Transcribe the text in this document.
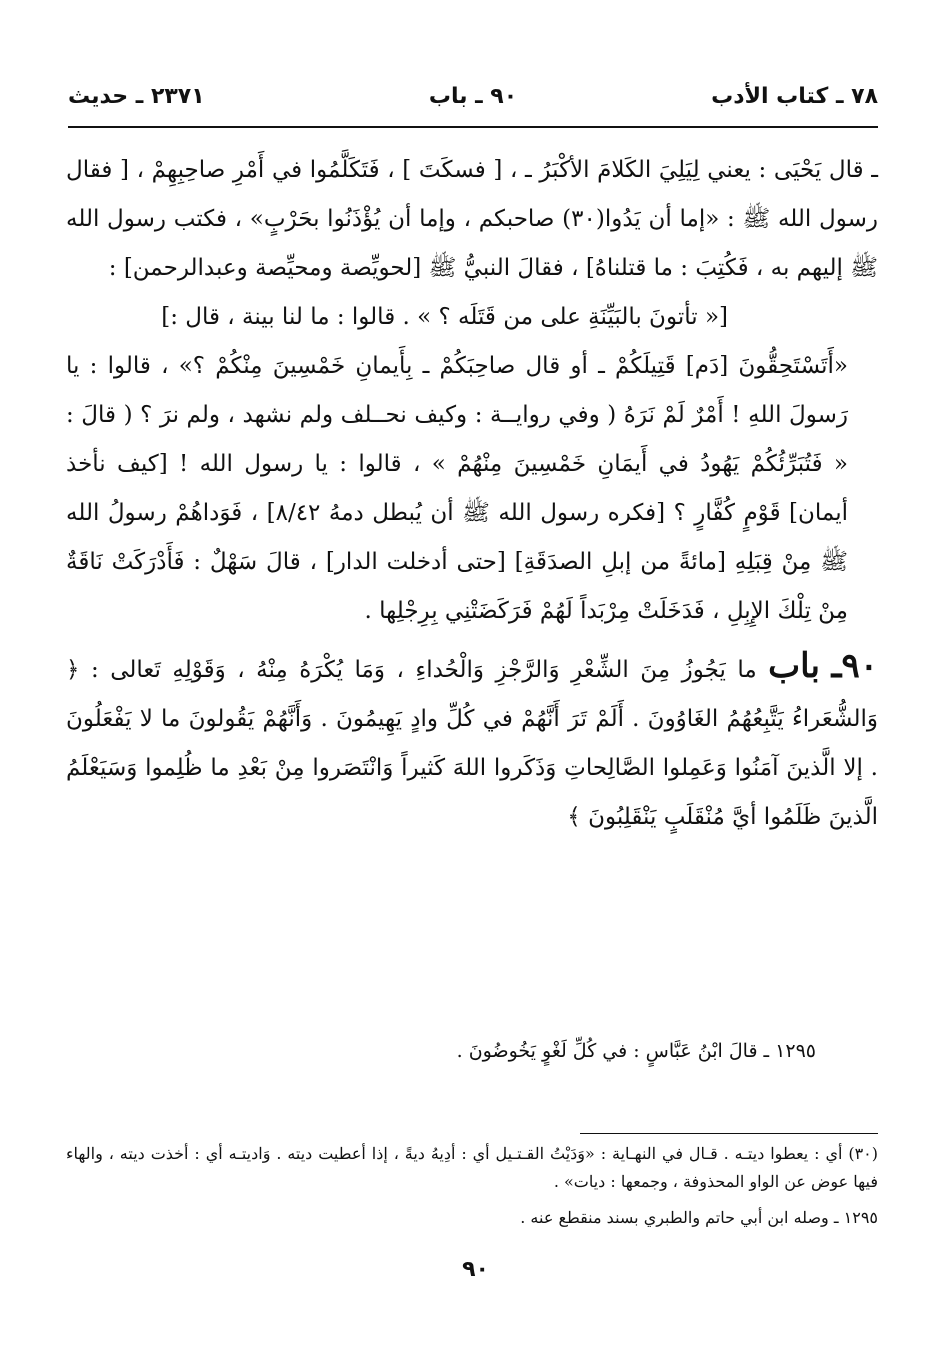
٧٨ ـ كتاب الأدب
٩٠ ـ باب
٢٣٧١ ـ حديث

ـ قال يَحْيَى : يعني لِيَلِيَ الكَلامَ الأكْبَرُ ـ ، [ فسكَتَ ] ، فَتَكَلَّمُوا في أَمْرِ صاحِبِهِمْ ، [ فقال رسول الله ﷺ : «إما أن يَدُوا(٣٠) صاحبكم ، وإما أن يُؤْذَنُوا بحَرْبٍ» ، فكتب رسول الله ﷺ إليهم به ، فَكُتِبَ : ما قتلناهُ] ، فقالَ النبيُّ ﷺ [لحويِّصة ومحيِّصة وعبدالرحمن] :

[« تأتونَ بالبَيِّنَةِ على من قَتَلَه ؟ » . قالوا : ما لنا بينة ، قال :]

«أَتَسْتَحِقُّونَ [دَم] قَتِيلَكُمْ ـ أو قال صاحِبَكُمْ ـ بِأَيمانِ خَمْسِينَ مِنْكُمْ ؟» ، قالوا : يا رَسولَ اللهِ ! أَمْرٌ لَمْ نَرَهُ ( وفي روايــة : وكيف نحــلف ولم نشهد ، ولم نرَ ؟ ( قالَ : « فَتُبَرِّئُكُمْ يَهُودُ في أَيمَانِ خَمْسِينَ مِنْهُمْ » ، قالوا : يا رسول الله ! [كيف نأخذ أيمان] قَوْمٍ كُفَّارٍ ؟ [فكره رسول الله ﷺ أن يُبطل دمهُ ٨/٤٢] ، فَوَداهُمْ رسولُ الله ﷺ مِنْ قِبَلِهِ [مائةً من إبلِ الصدَقَةِ] [حتى أدخلت الدار] ، قالَ سَهْلٌ : فَأَدْرَكَتْ نَاقَةٌ مِنْ تِلْكَ الإِبِلِ ، فَدَخَلَتْ مِرْبَداً لَهُمْ فَرَكَضَتْنِي بِرِجْلِها .

٩٠ـ باب ما يَجُوزُ مِنَ الشِّعْرِ وَالرَّجْزِ وَالْحُداءِ ، وَمَا يُكْرَهُ مِنْهُ ، وَقَوْلِهِ تَعالى : ﴿ وَالشُّعَراءُ يَتَّبِعُهُمُ الغَاوُونَ . أَلَمْ تَرَ أَنَّهُمْ في كُلِّ وادٍ يَهِيمُونَ . وَأَنَّهُمْ يَقُولونَ ما لا يَفْعَلُونَ . إلا الَّذينَ آمَنُوا وَعَمِلوا الصَّالِحاتِ وَذَكَروا اللهَ كَثيراً وَانْتَصَروا مِنْ بَعْدِ ما ظُلِموا وَسَيَعْلَمُ الَّذينَ ظَلَمُوا أيَّ مُنْقَلَبٍ يَنْقَلِبُونَ ﴾

١٢٩٥ ـ قالَ ابْنُ عَبَّاسٍ : في كُلِّ لَغْوٍ يَخُوضُونَ .

(٣٠) أي : يعطوا ديتـه . قـال في النهـاية : «وَدَيْتُ القـتـيل أي : أدِيهُ ديةً ، إذا أعطيت ديته . وَاديتـه أي : أخذت ديته ، والهاء فيها عوض عن الواو المحذوفة ، وجمعها : ديات» .

١٢٩٥ ـ وصله ابن أبي حاتم والطبري بسند منقطع عنه .

٩٠
